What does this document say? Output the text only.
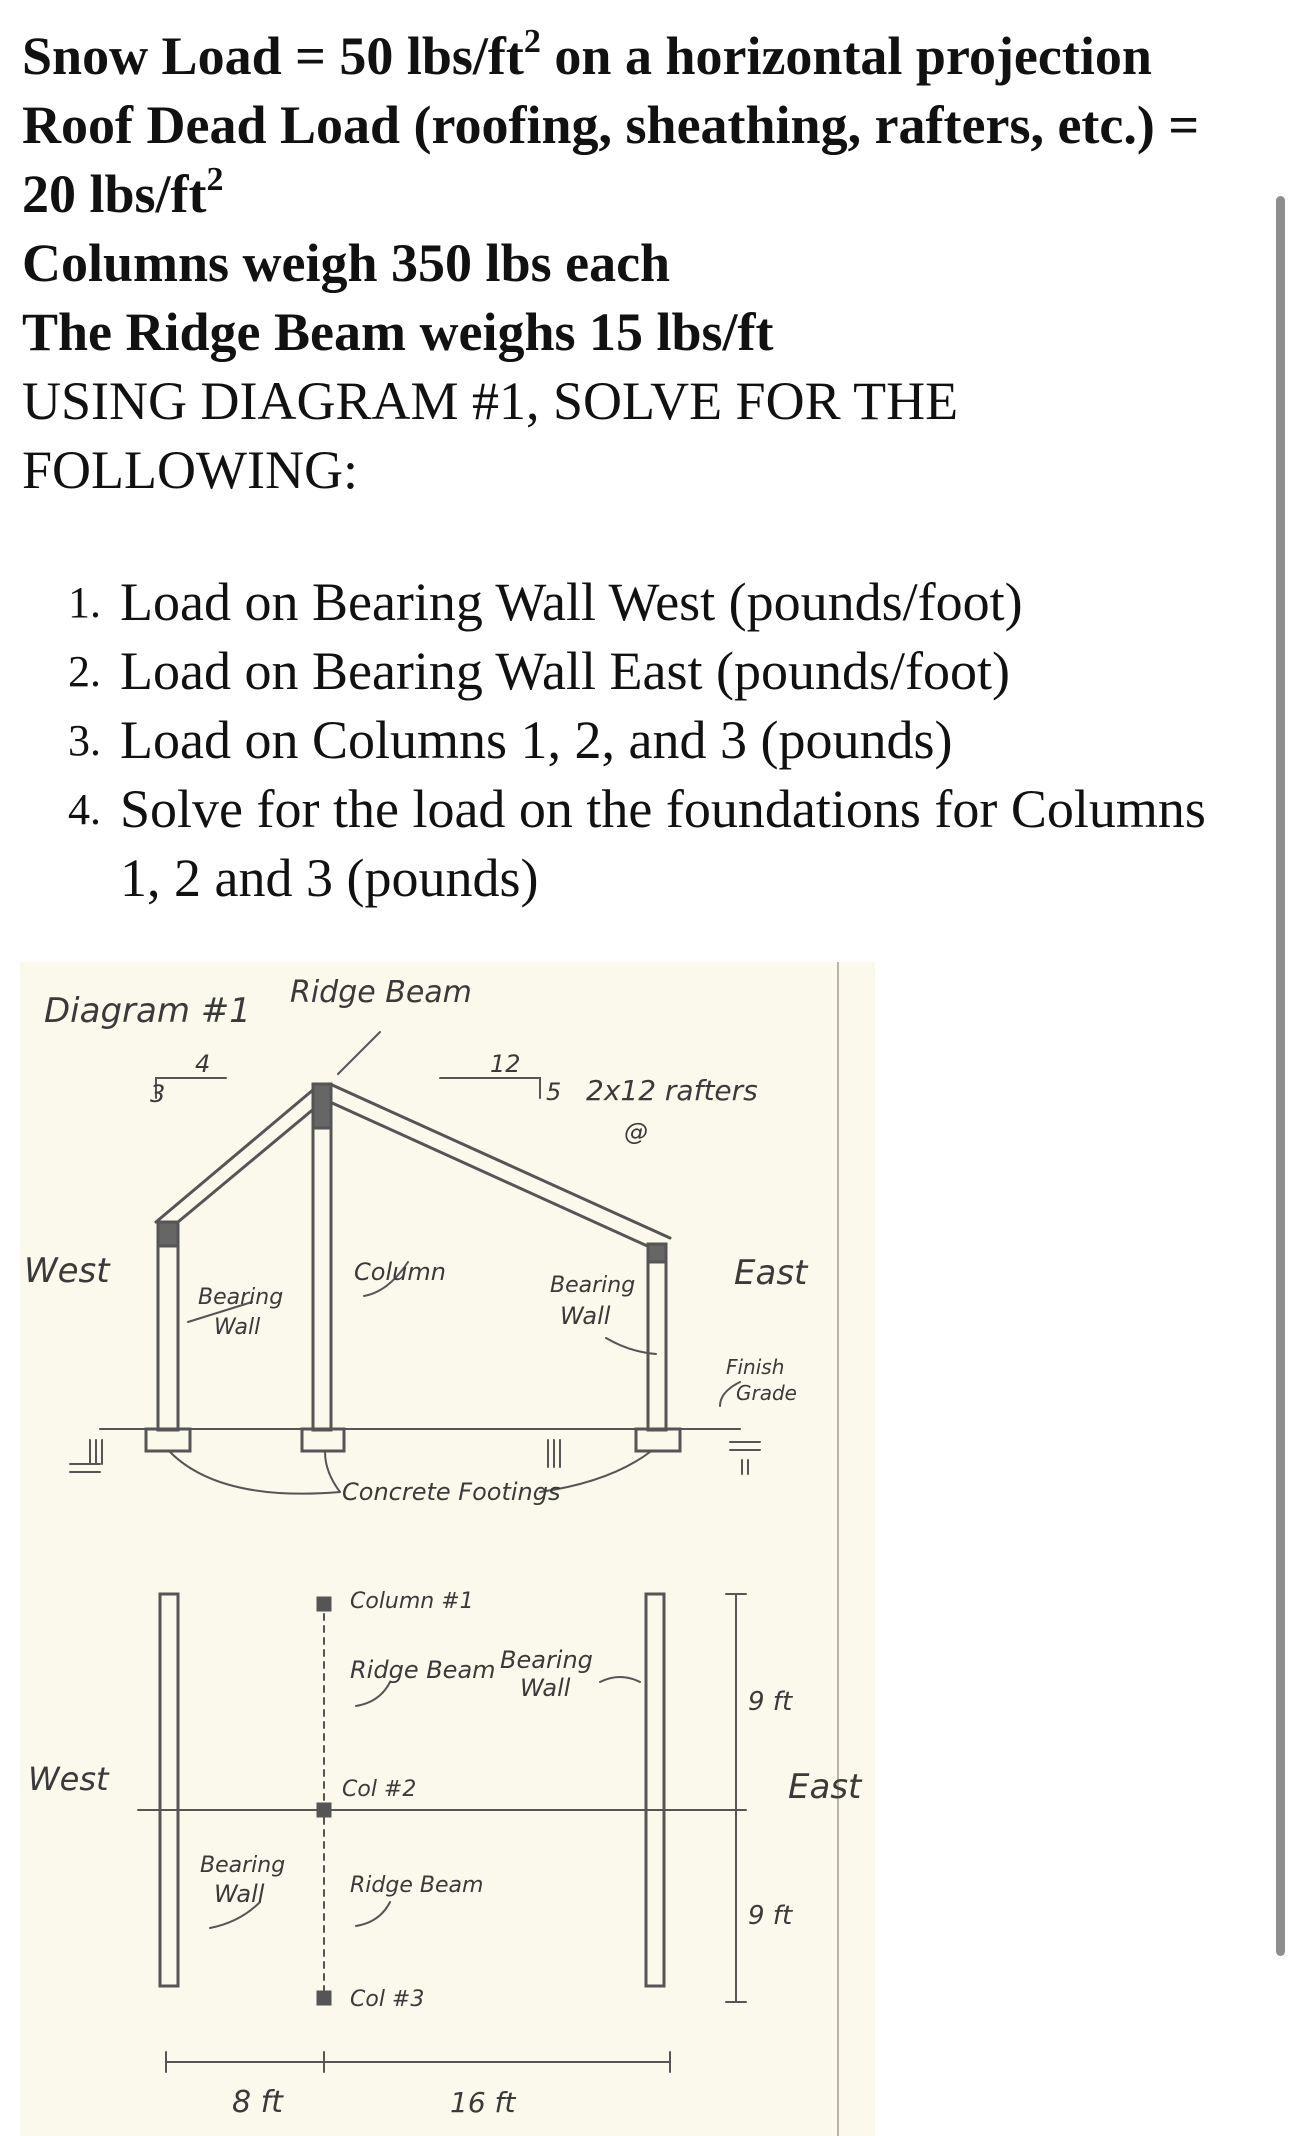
Snow Load = 50 lbs/$ft^2$ on a horizontal projection
Roof Dead Load (roofing, sheathing, rafters, etc.) =
20 lbs/$ft^2$
Columns weigh 350 lbs each
The Ridge Beam weighs 15 lbs/ft
USING DIAGRAM #1, SOLVE FOR THE
FOLLOWING:
1. Load on Bearing Wall West (pounds/foot)
2. Load on Bearing Wall East (pounds/foot)
3. Load on Columns 1, 2, and 3 (pounds)
4. Solve for the load on the foundations for Columns
1, 2 and 3 (pounds)
Diagram #1 Ridge Beam
3
4	12
5 2x12 rafters
@
West	East
Bearing
Wall
Column	Bearing
Wall
Finish
Grade
Concrete Footings
Column #1
Ridge Beam Bearing
Wall
Col #2
Bearing
Wall	Ridge Beam
Col #3
West	East
9 ft
9 ft
8 ft	16 ft
